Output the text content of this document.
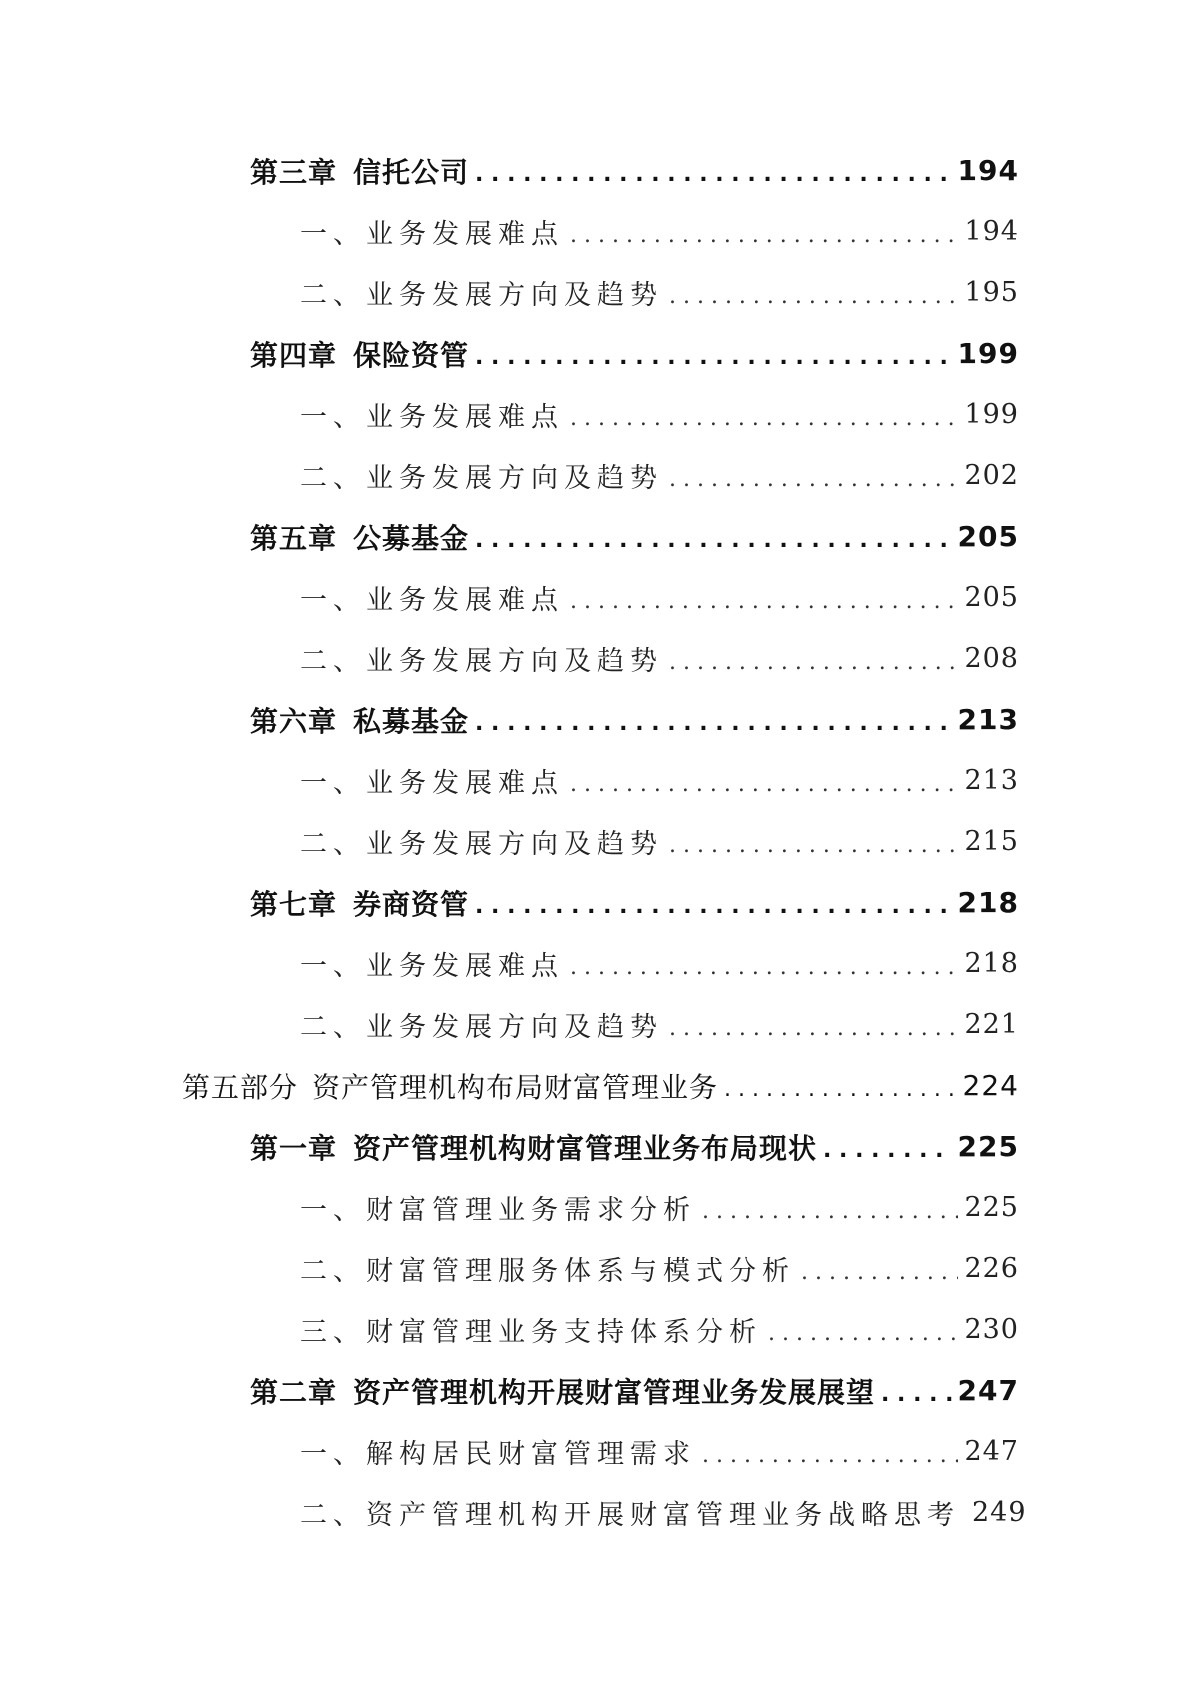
第三章 信托公司 . . .	194
一、业务发展难点 . . .	194
二、业务发展方向及趋势 . . .	195
第四章 保险资管 . . .	199
一、业务发展难点 . . .	199
二、业务发展方向及趋势 . . .	202
第五章 公募基金 . . .	205
一、业务发展难点 . . .	205
二、业务发展方向及趋势 . . .	208
第六章 私募基金 . . .	213
一、业务发展难点 . . .	213
二、业务发展方向及趋势 . . .	215
第七章 券商资管 . . .	218
一、业务发展难点 . . .	218
二、业务发展方向及趋势 . . .	221
第五部分 资产管理机构布局财富管理业务 . . .	224
第一章 资产管理机构财富管理业务布局现状 . . .	225
一、财富管理业务需求分析 . . .	225
二、财富管理服务体系与模式分析 . . .	226
三、财富管理业务支持体系分析 . . .	230
第二章 资产管理机构开展财富管理业务发展展望 . . .	247
一、解构居民财富管理需求 . . .	247
二、资产管理机构开展财富管理业务战略思考 249
